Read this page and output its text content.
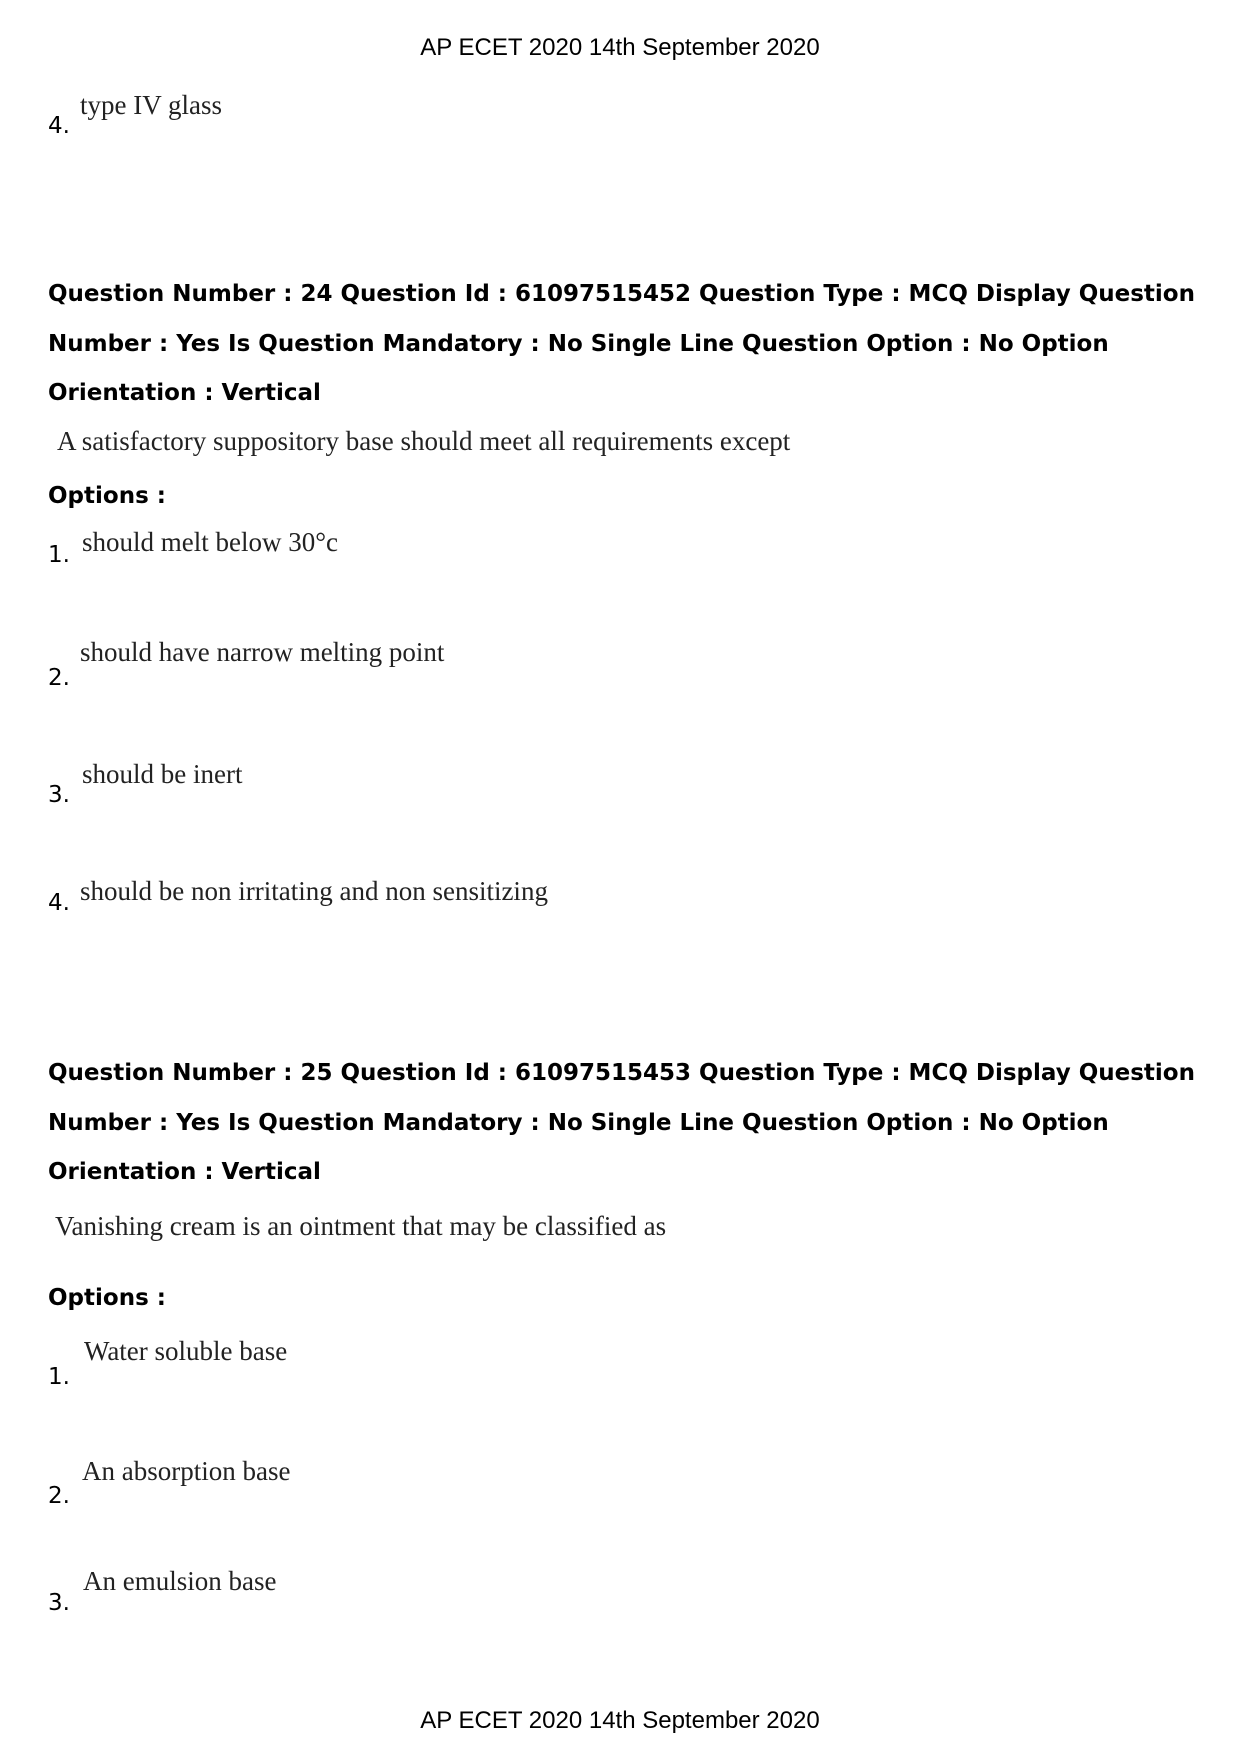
AP ECET 2020 14th September 2020
4.
type IV glass

Question Number : 24 Question Id : 61097515452 Question Type : MCQ Display Question Number : Yes Is Question Mandatory : No Single Line Question Option : No Option Orientation : Vertical

A satisfactory suppository base should meet all requirements except
Options :
1. should melt below 30°c
2.
should have narrow melting point
3.
should be inert
4. should be non irritating and non sensitizing

Question Number : 25 Question Id : 61097515453 Question Type : MCQ Display Question Number : Yes Is Question Mandatory : No Single Line Question Option : No Option Orientation : Vertical

Vanishing cream is an ointment that may be classified as
Options :
1.
Water soluble base
2.
An absorption base
3.
An emulsion base
AP ECET 2020 14th September 2020
